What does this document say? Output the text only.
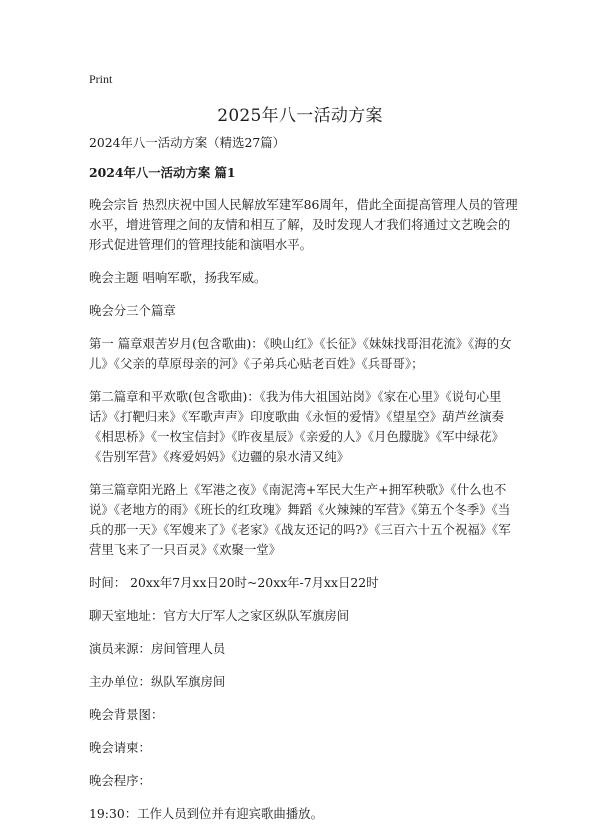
Print
2025年八一活动方案

2024年八一活动方案（精选27篇）

2024年八一活动方案 篇1

晚会宗旨 热烈庆祝中国人民解放军建军86周年，借此全面提高管理人员的管理水平，增进管理之间的友情和相互了解，及时发现人才我们将通过文艺晚会的形式促进管理们的管理技能和演唱水平。

晚会主题 唱响军歌，扬我军威。

晚会分三个篇章

第一 篇章艰苦岁月(包含歌曲)：《映山红》《长征》《妹妹找哥泪花流》《海的女儿》《父亲的草原母亲的河》《子弟兵心贴老百姓》《兵哥哥》；

第二篇章和平欢歌(包含歌曲)：《我为伟大祖国站岗》《家在心里》《说句心里话》《打靶归来》《军歌声声》印度歌曲《永恒的爱情》《望星空》葫芦丝演奏《相思桥》《一枚宝信封》《昨夜星辰》《亲爱的人》《月色朦胧》《军中绿花》《告别军营》《疼爱妈妈》《边疆的泉水清又纯》

第三篇章阳光路上《军港之夜》《南泥湾+军民大生产+拥军秧歌》《什么也不说》《老地方的雨》《班长的红玫瑰》舞蹈《火辣辣的军营》《第五个冬季》《当兵的那一天》《军嫂来了》《老家》《战友还记的吗?》《三百六十五个祝福》《军营里飞来了一只百灵》《欢聚一堂》

时间： 20xx年7月xx日20时~20xx年-7月xx日22时

聊天室地址：官方大厅军人之家区纵队军旗房间

演员来源：房间管理人员

主办单位：纵队军旗房间

晚会背景图：

晚会请柬：

晚会程序：

19:30：工作人员到位并有迎宾歌曲播放。
